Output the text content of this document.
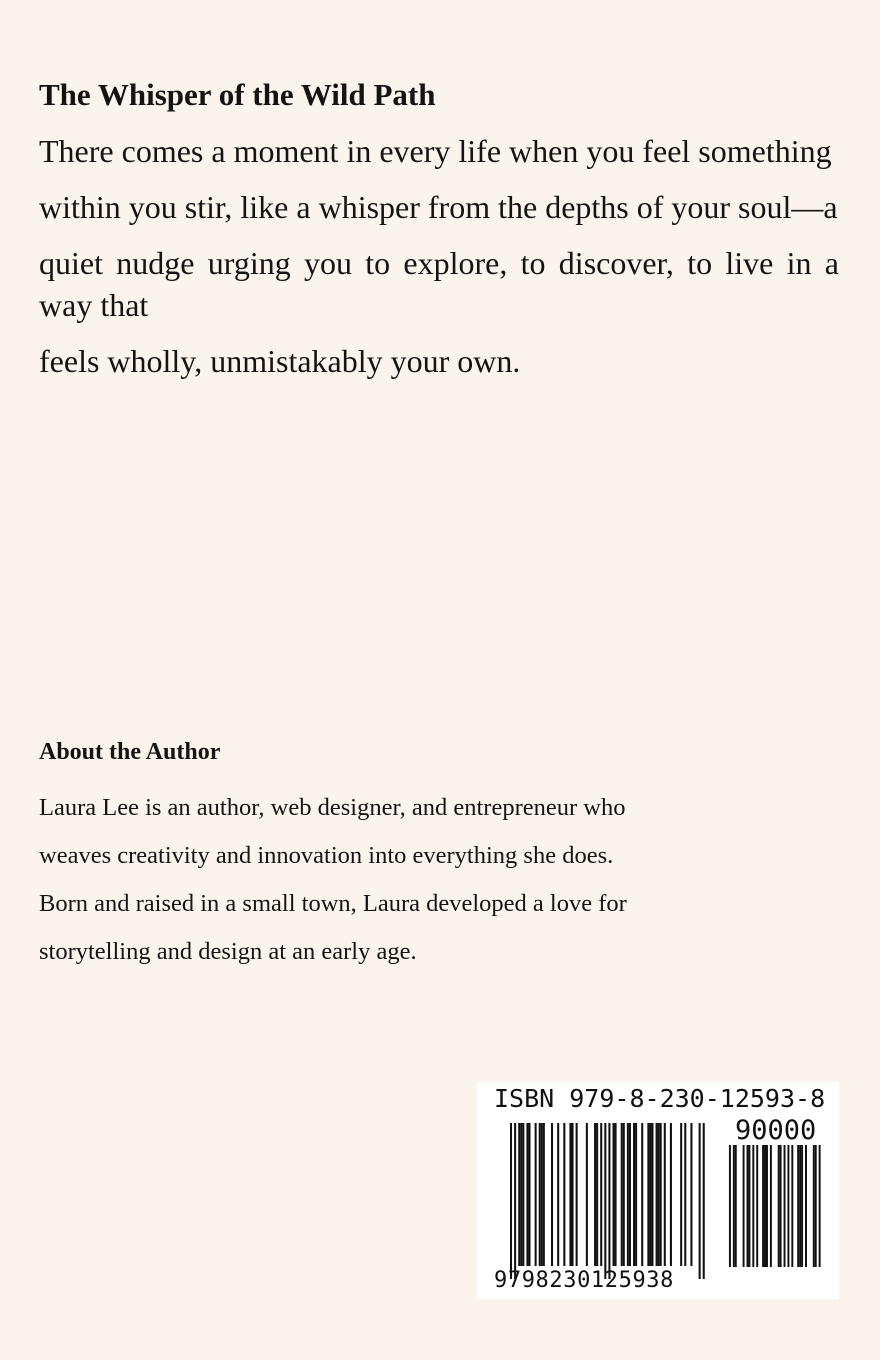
The Whisper of the Wild Path

There comes a moment in every life when you feel something

within you stir, like a whisper from the depths of your soul—a

quiet nudge urging you to explore, to discover, to live in a way that

feels wholly, unmistakably your own.

About the Author

Laura Lee is an author, web designer, and entrepreneur who

weaves creativity and innovation into everything she does.

Born and raised in a small town, Laura developed a love for

storytelling and design at an early age.

ISBN 979-8-230-12593-8
90000
9798230125938
